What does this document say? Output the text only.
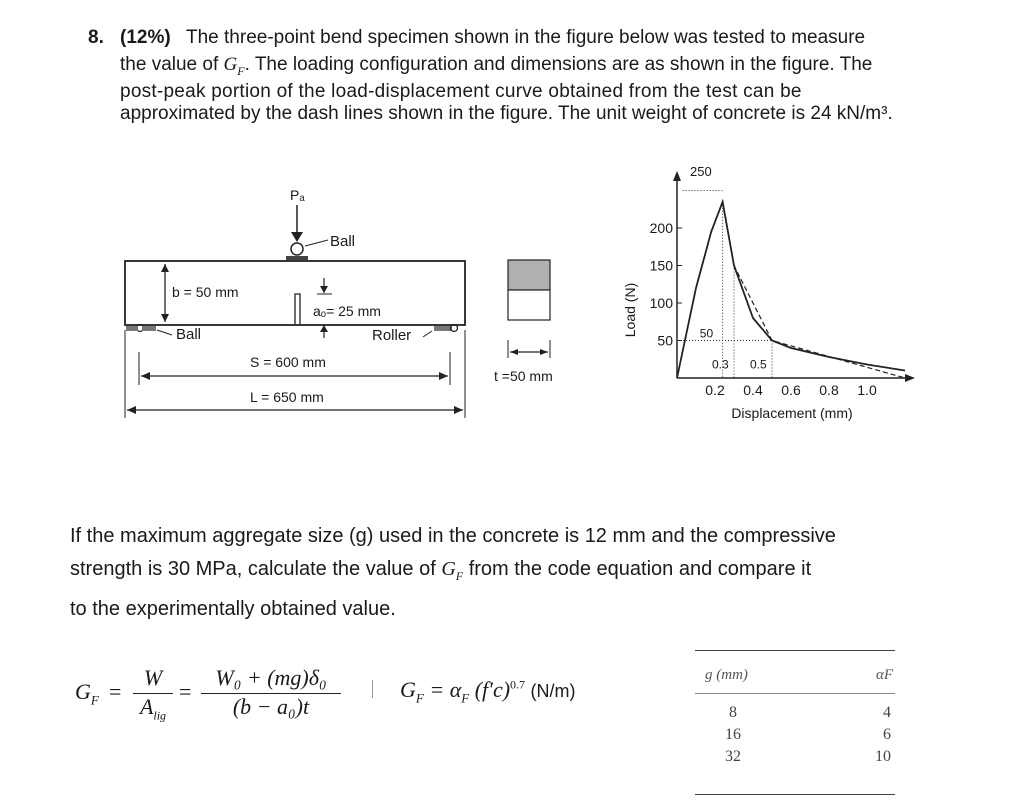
8. (12%) The three-point bend specimen shown in the figure below was tested to measure
the value of $G_F$. The loading configuration and dimensions are as shown in the figure. The
post-peak portion of the load-displacement curve obtained from the test can be
approximated by the dash lines shown in the figure. The unit weight of concrete is 24 kN/m³.
Pₐ
Ball
b = 50 mm
aₒ= 25 mm
Ball	Roller
S = 600 mm
L = 650 mm
t =50 mm
50
100
150
200
0.2 0.4 0.6 0.8 1.0
50
0.3 0.5
Load (N)
Displacement (mm)
250
If the maximum aggregate size (g) used in the concrete is 12 mm and the compressive
strength is 30 MPa, calculate the value of $G_F$ from the code equation and compare it
to the experimentally obtained value.
$G_F$ =
W
$A_{lig}$
=
W₀ + (mg)δ₀
(b − a₀)t
$G_F = \alpha_F$ $(f'c)^{0.7}$ (N/m)
g (mm)	αF
8	4
16	6
32	10
